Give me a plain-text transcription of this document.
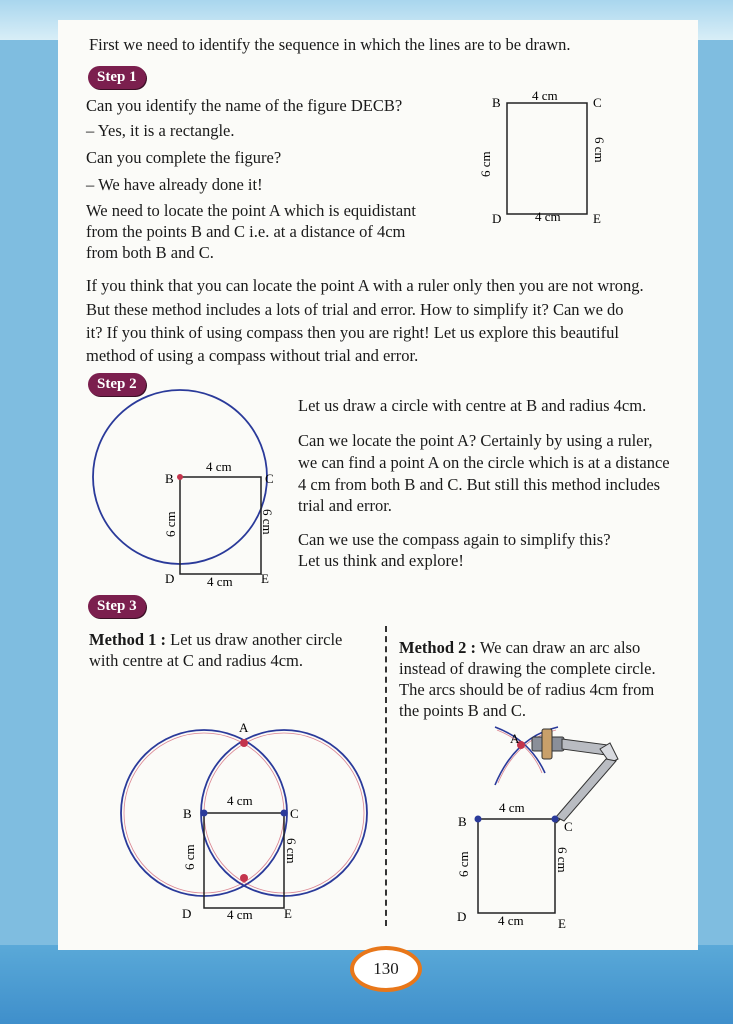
First we need to identify the sequence in which the lines are to be drawn.
Step 1
Can you identify the name of the figure DECB?
– Yes, it is a rectangle.
Can you complete the figure?
– We have already done it!
We need to locate the point A which is equidistant
from the points B and C i.e. at a distance of 4cm
from both B and C.
B	C
D	E
4 cm
4 cm
6 cm
6 cm
If you think that you can locate the point A with a ruler only then you are not wrong.
But these method includes a lots of trial and error. How to simplify it? Can we do
it? If you think of using compass then you are right! Let us explore this beautiful
method of using a compass without trial and error.
Step 2
B	C
D	E
4 cm
4 cm
6 cm	6 cm
Let us draw a circle with centre at B and radius 4cm.
Can we locate the point A? Certainly by using a ruler,
we can find a point A on the circle which is at a distance
4 cm from both B and C. But still this method includes
trial and error.
Can we use the compass again to simplify this?
Let us think and explore!
Step 3
Method 1 : Let us draw another circle
with centre at C and radius 4cm.
Method 2 : We can draw an arc also
instead of drawing the complete circle.
The arcs should be of radius 4cm from
the points B and C.
A
B	C
D	E
4 cm
4 cm
6 cm	6 cm
A
B	C
D	E
4 cm
4 cm
6 cm	6 cm
130
